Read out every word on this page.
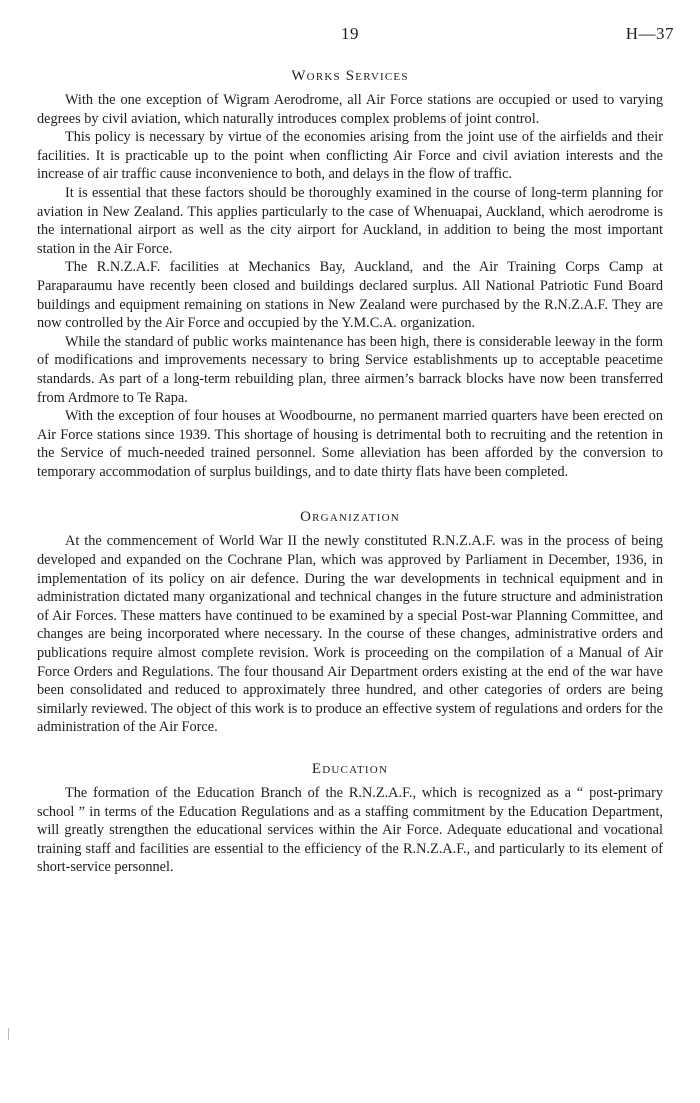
19	H—37
Works Services

With the one exception of Wigram Aerodrome, all Air Force stations are occupied or used to varying degrees by civil aviation, which naturally introduces complex problems of joint control.

This policy is necessary by virtue of the economies arising from the joint use of the airfields and their facilities. It is practicable up to the point when conflicting Air Force and civil aviation interests and the increase of air traffic cause inconvenience to both, and delays in the flow of traffic.

It is essential that these factors should be thoroughly examined in the course of long-term planning for aviation in New Zealand. This applies particularly to the case of Whenuapai, Auckland, which aerodrome is the international airport as well as the city airport for Auckland, in addition to being the most important station in the Air Force.

The R.N.Z.A.F. facilities at Mechanics Bay, Auckland, and the Air Training Corps Camp at Paraparaumu have recently been closed and buildings declared surplus. All National Patriotic Fund Board buildings and equipment remaining on stations in New Zealand were purchased by the R.N.Z.A.F. They are now controlled by the Air Force and occupied by the Y.M.C.A. organization.

While the standard of public works maintenance has been high, there is considerable leeway in the form of modifications and improvements necessary to bring Service establishments up to acceptable peacetime standards. As part of a long-term rebuilding plan, three airmen’s barrack blocks have now been transferred from Ardmore to Te Rapa.

With the exception of four houses at Woodbourne, no permanent married quarters have been erected on Air Force stations since 1939. This shortage of housing is detrimental both to recruiting and the retention in the Service of much-needed trained personnel. Some alleviation has been afforded by the conversion to temporary accommodation of surplus buildings, and to date thirty flats have been completed.

Organization

At the commencement of World War II the newly constituted R.N.Z.A.F. was in the process of being developed and expanded on the Cochrane Plan, which was approved by Parliament in December, 1936, in implementation of its policy on air defence. During the war developments in technical equipment and in administration dictated many organizational and technical changes in the future structure and administration of Air Forces. These matters have continued to be examined by a special Post-war Planning Committee, and changes are being incorporated where necessary. In the course of these changes, administrative orders and publications require almost complete revision. Work is proceeding on the compilation of a Manual of Air Force Orders and Regulations. The four thousand Air Department orders existing at the end of the war have been consolidated and reduced to approximately three hundred, and other categories of orders are being similarly reviewed. The object of this work is to produce an effective system of regulations and orders for the administration of the Air Force.

Education

The formation of the Education Branch of the R.N.Z.A.F., which is recognized as a “ post-primary school ” in terms of the Education Regulations and as a staffing commitment by the Education Department, will greatly strengthen the educational services within the Air Force. Adequate educational and vocational training staff and facilities are essential to the efficiency of the R.N.Z.A.F., and particularly to its element of short-service personnel.
